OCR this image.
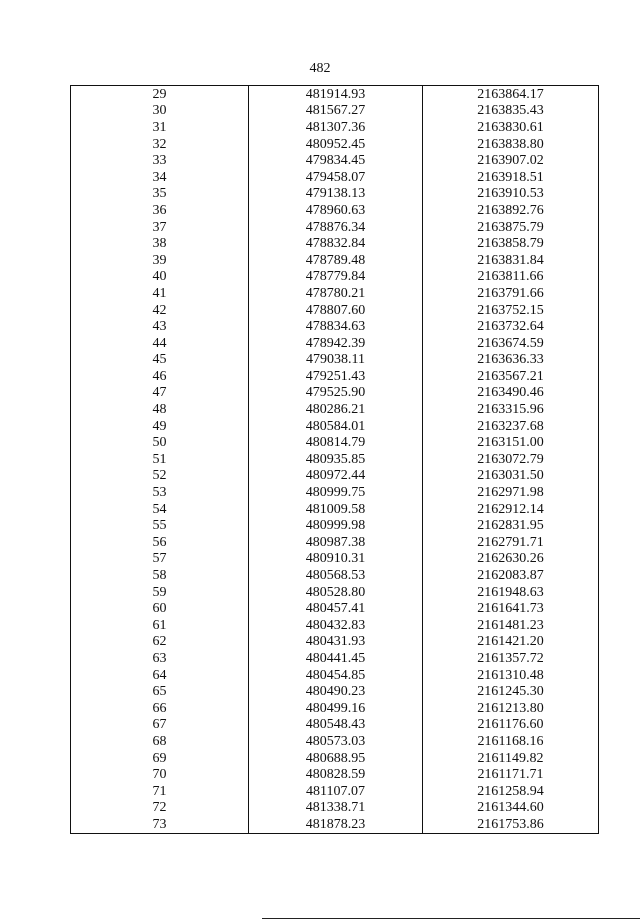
482
29	481914.93	2163864.17
30	481567.27	2163835.43
31	481307.36	2163830.61
32	480952.45	2163838.80
33	479834.45	2163907.02
34	479458.07	2163918.51
35	479138.13	2163910.53
36	478960.63	2163892.76
37	478876.34	2163875.79
38	478832.84	2163858.79
39	478789.48	2163831.84
40	478779.84	2163811.66
41	478780.21	2163791.66
42	478807.60	2163752.15
43	478834.63	2163732.64
44	478942.39	2163674.59
45	479038.11	2163636.33
46	479251.43	2163567.21
47	479525.90	2163490.46
48	480286.21	2163315.96
49	480584.01	2163237.68
50	480814.79	2163151.00
51	480935.85	2163072.79
52	480972.44	2163031.50
53	480999.75	2162971.98
54	481009.58	2162912.14
55	480999.98	2162831.95
56	480987.38	2162791.71
57	480910.31	2162630.26
58	480568.53	2162083.87
59	480528.80	2161948.63
60	480457.41	2161641.73
61	480432.83	2161481.23
62	480431.93	2161421.20
63	480441.45	2161357.72
64	480454.85	2161310.48
65	480490.23	2161245.30
66	480499.16	2161213.80
67	480548.43	2161176.60
68	480573.03	2161168.16
69	480688.95	2161149.82
70	480828.59	2161171.71
71	481107.07	2161258.94
72	481338.71	2161344.60
73	481878.23	2161753.86
